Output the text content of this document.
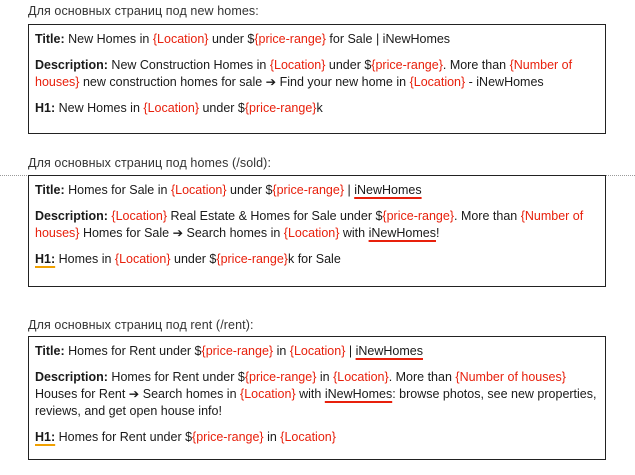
Для основных страниц под new homes:

Title: New Homes in {Location} under ${price-range} for Sale | iNewHomes

Description: New Construction Homes in {Location} under ${price-range}. More than {Number of houses} new construction homes for sale ➔ Find your new home in {Location} - iNewHomes

H1: New Homes in {Location} under ${price-range}k

Для основных страниц под homes (/sold):

Title: Homes for Sale in {Location} under ${price-range} | iNewHomes

Description: {Location} Real Estate & Homes for Sale under ${price-range}. More than {Number of houses} Homes for Sale ➔ Search homes in {Location} with iNewHomes!

H1: Homes in {Location} under ${price-range}k for Sale

Для основных страниц под rent (/rent):

Title: Homes for Rent under ${price-range} in {Location} | iNewHomes

Description: Homes for Rent under ${price-range} in {Location}. More than {Number of houses} Houses for Rent ➔ Search homes in {Location} with iNewHomes: browse photos, see new properties, reviews, and get open house info!

H1: Homes for Rent under ${price-range} in {Location}
